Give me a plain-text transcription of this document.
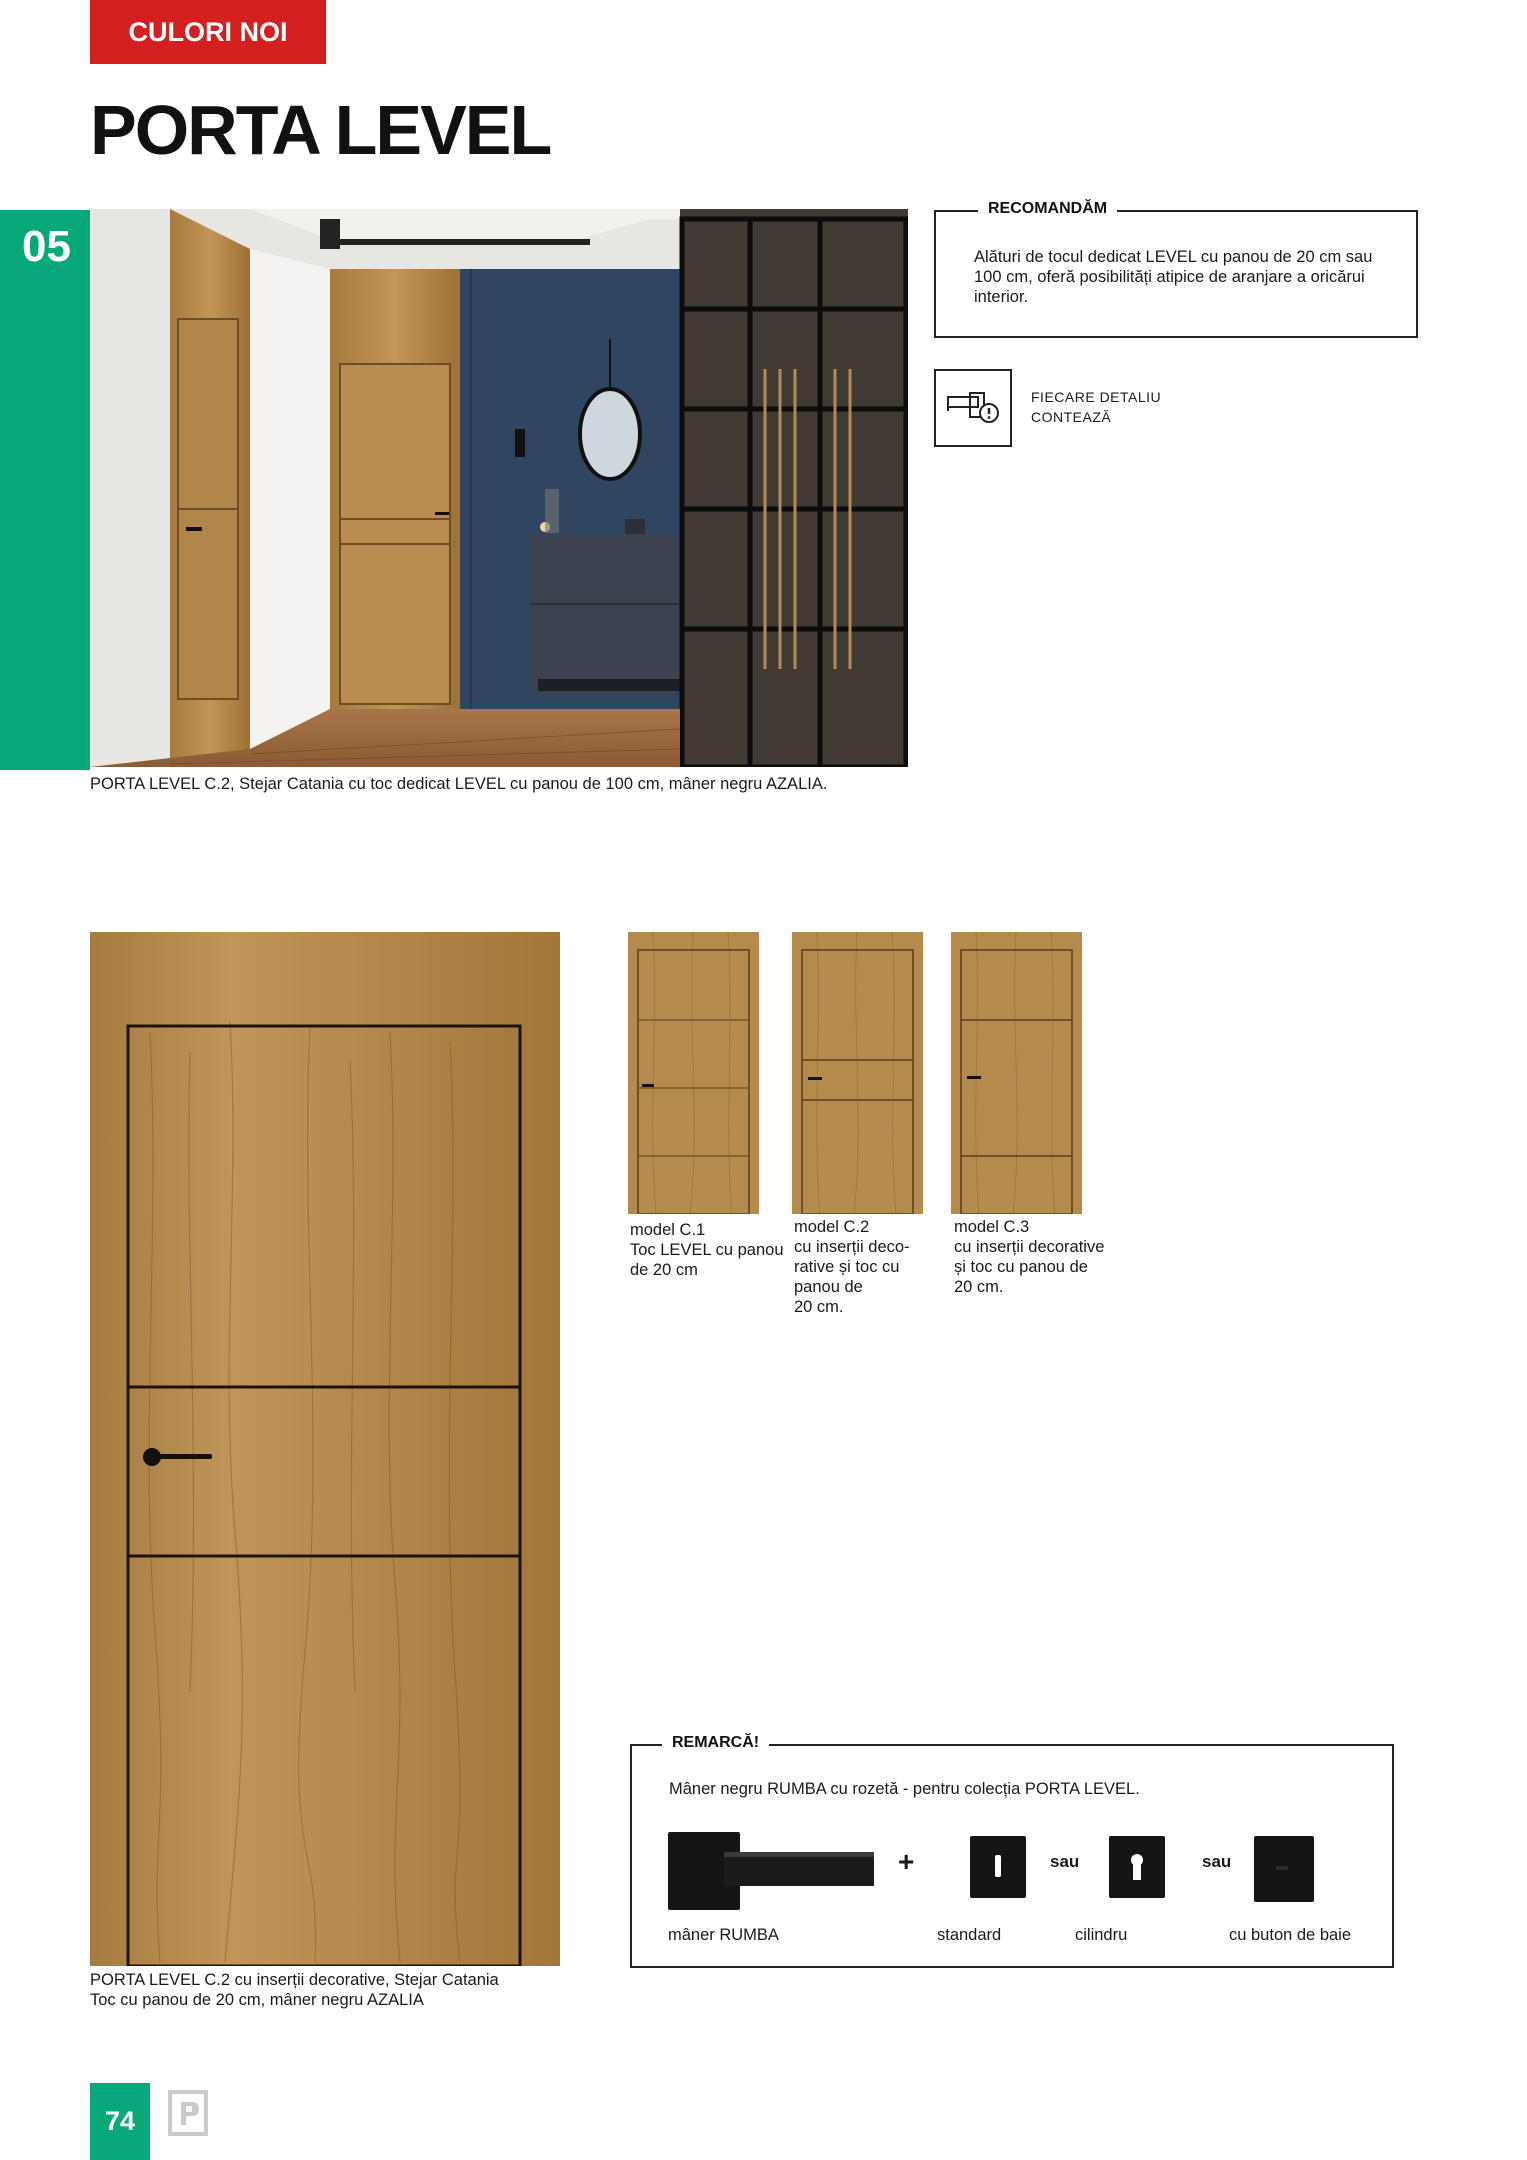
CULORI NOI
PORTA LEVEL
05
PORTA LEVEL C.2, Stejar Catania cu toc dedicat LEVEL cu panou de 100 cm, mâner negru AZALIA.
RECOMANDĂM
Alături de tocul dedicat LEVEL cu panou de 20 cm sau 100 cm, oferă posibilități atipice de aranjare a oricărui interior.
FIECARE DETALIU
CONTEAZĂ
PORTA LEVEL C.2 cu inserții decorative, Stejar Catania
Toc cu panou de 20 cm, mâner negru AZALIA
model C.1
Toc LEVEL cu panou
de 20 cm
model C.2
cu inserții deco-
rative și toc cu
panou de
20 cm.
model C.3
cu inserții decorative
și toc cu panou de
20 cm.
REMARCĂ!
Mâner negru RUMBA cu rozetă - pentru colecția PORTA LEVEL.
+	sau	sau
mâner RUMBA	standard	cilindru	cu buton de baie
74
